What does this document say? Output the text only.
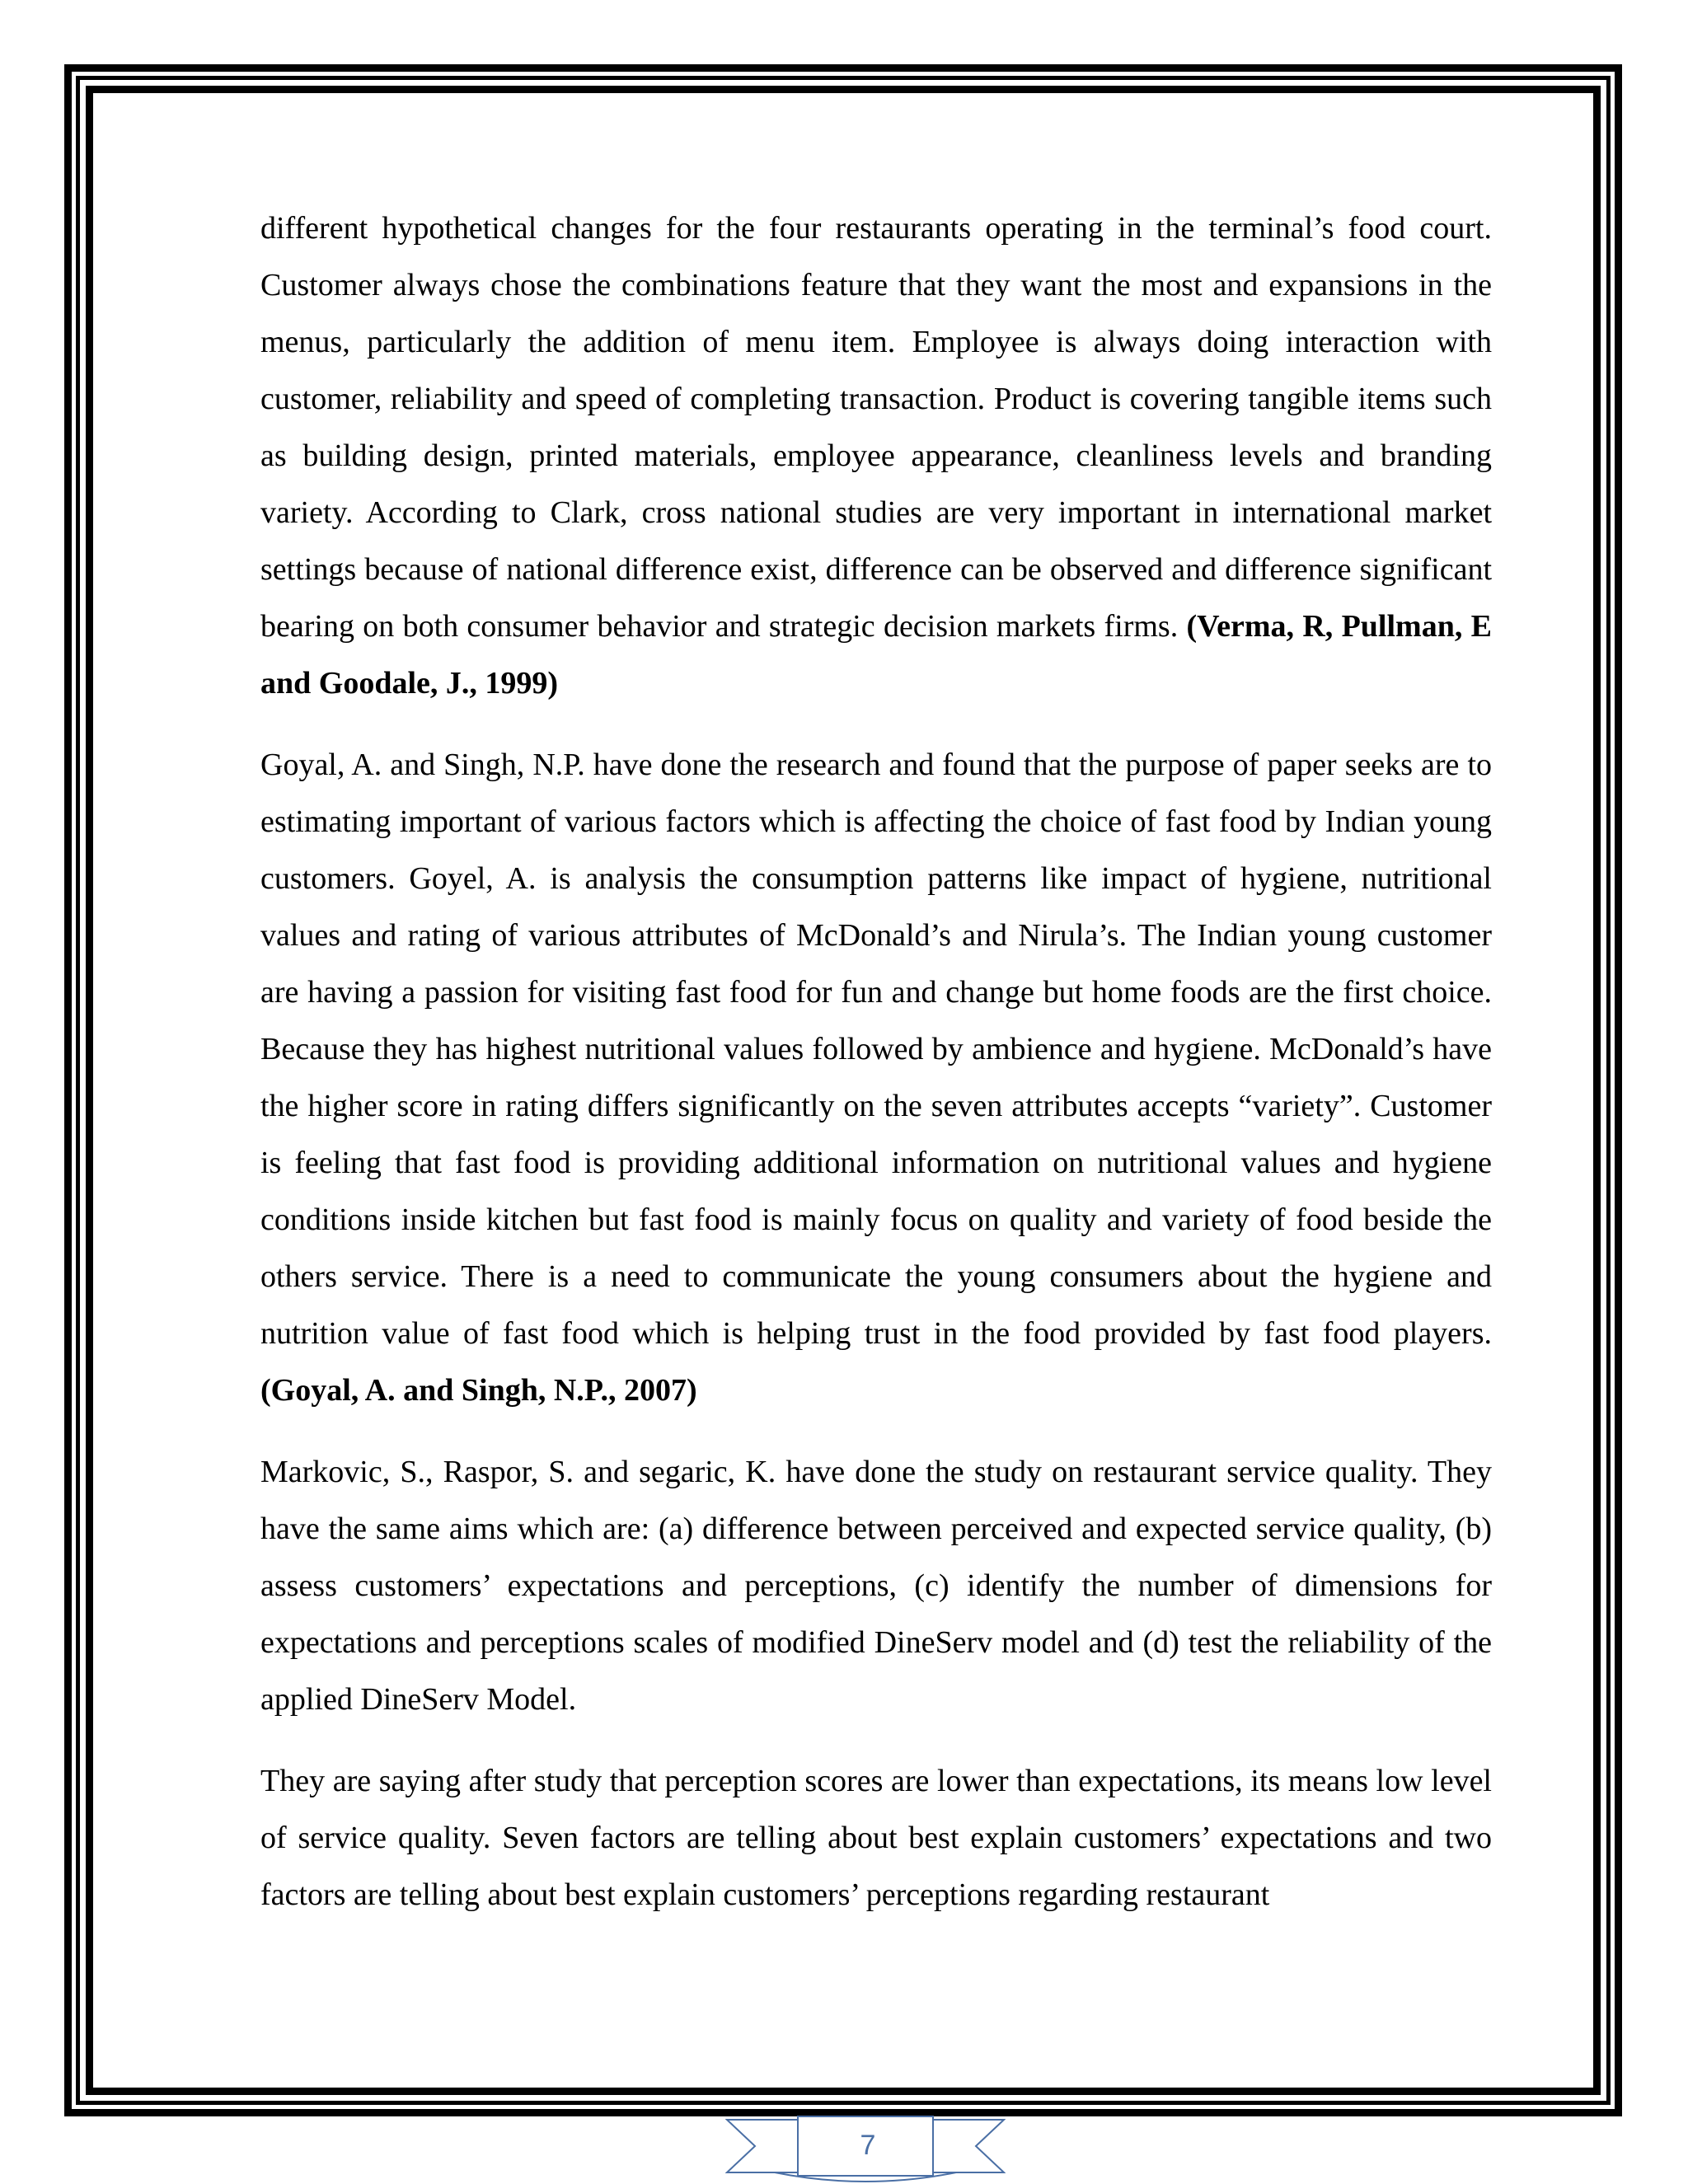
different hypothetical changes for the four restaurants operating in the terminal’s food court. Customer always chose the combinations feature that they want the most and expansions in the menus, particularly the addition of menu item. Employee is always doing interaction with customer, reliability and speed of completing transaction. Product is covering tangible items such as building design, printed materials, employee appearance, cleanliness levels and branding variety. According to Clark, cross national studies are very important in international market settings because of national difference exist, difference can be observed and difference significant bearing on both consumer behavior and strategic decision markets firms. (Verma, R, Pullman, E and Goodale, J., 1999)

Goyal, A. and Singh, N.P. have done the research and found that the purpose of paper seeks are to estimating important of various factors which is affecting the choice of fast food by Indian young customers. Goyel, A. is analysis the consumption patterns like impact of hygiene, nutritional values and rating of various attributes of McDonald’s and Nirula’s. The Indian young customer are having a passion for visiting fast food for fun and change but home foods are the first choice. Because they has highest nutritional values followed by ambience and hygiene. McDonald’s have the higher score in rating differs significantly on the seven attributes accepts “variety”. Customer is feeling that fast food is providing additional information on nutritional values and hygiene conditions inside kitchen but fast food is mainly focus on quality and variety of food beside the others service. There is a need to communicate the young consumers about the hygiene and nutrition value of fast food which is helping trust in the food provided by fast food players.(Goyal, A. and Singh, N.P., 2007)

Markovic, S., Raspor, S. and segaric, K. have done the study on restaurant service quality. They have the same aims which are: (a) difference between perceived and expected service quality, (b) assess customers’ expectations and perceptions, (c) identify the number of dimensions for expectations and perceptions scales of modified DineServ model and (d) test the reliability of the applied DineServ Model.

They are saying after study that perception scores are lower than expectations, its means low level of service quality. Seven factors are telling about best explain customers’ expectations and two factors are telling about best explain customers’ perceptions regarding restaurant

7
